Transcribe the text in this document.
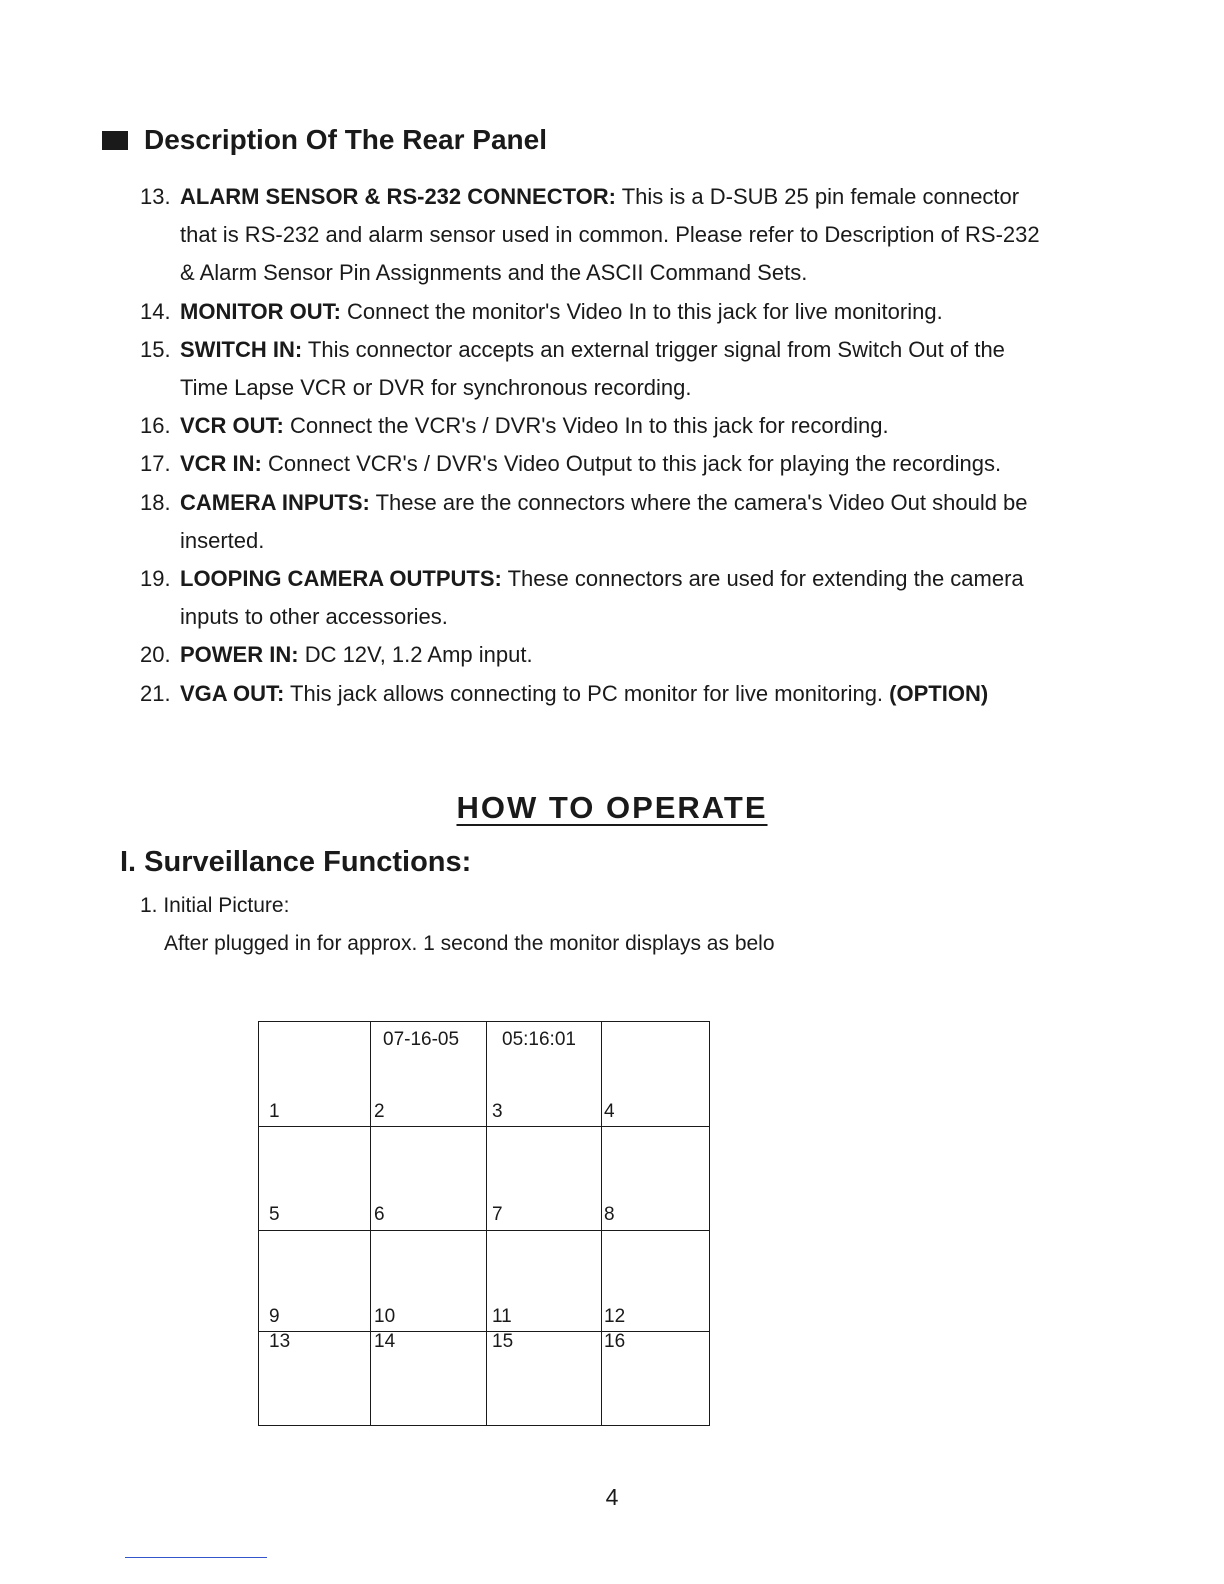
Description Of The Rear Panel
13. ALARM SENSOR & RS-232 CONNECTOR: This is a D-SUB 25 pin female connector
that is RS-232 and alarm sensor used in common. Please refer to Description of RS-232
& Alarm Sensor Pin Assignments and the ASCII Command Sets.
14. MONITOR OUT: Connect the monitor's Video In to this jack for live monitoring.
15. SWITCH IN: This connector accepts an external trigger signal from Switch Out of the
Time Lapse VCR or DVR for synchronous recording.
16. VCR OUT: Connect the VCR's / DVR's Video In to this jack for recording.
17. VCR IN: Connect VCR's / DVR's Video Output to this jack for playing the recordings.
18. CAMERA INPUTS: These are the connectors where the camera's Video Out should be
inserted.
19. LOOPING CAMERA OUTPUTS: These connectors are used for extending the camera
inputs to other accessories.
20. POWER IN: DC 12V, 1.2 Amp input.
21. VGA OUT: This jack allows connecting to PC monitor for live monitoring. (OPTION)
HOW TO OPERATE
I. Surveillance Functions:
1. Initial Picture:
After plugged in for approx. 1 second the monitor displays as belo
07-16-05 05:16:01
1	2	3	4
5	6	7	8
9	10	11	12
13	14	15	16
4
